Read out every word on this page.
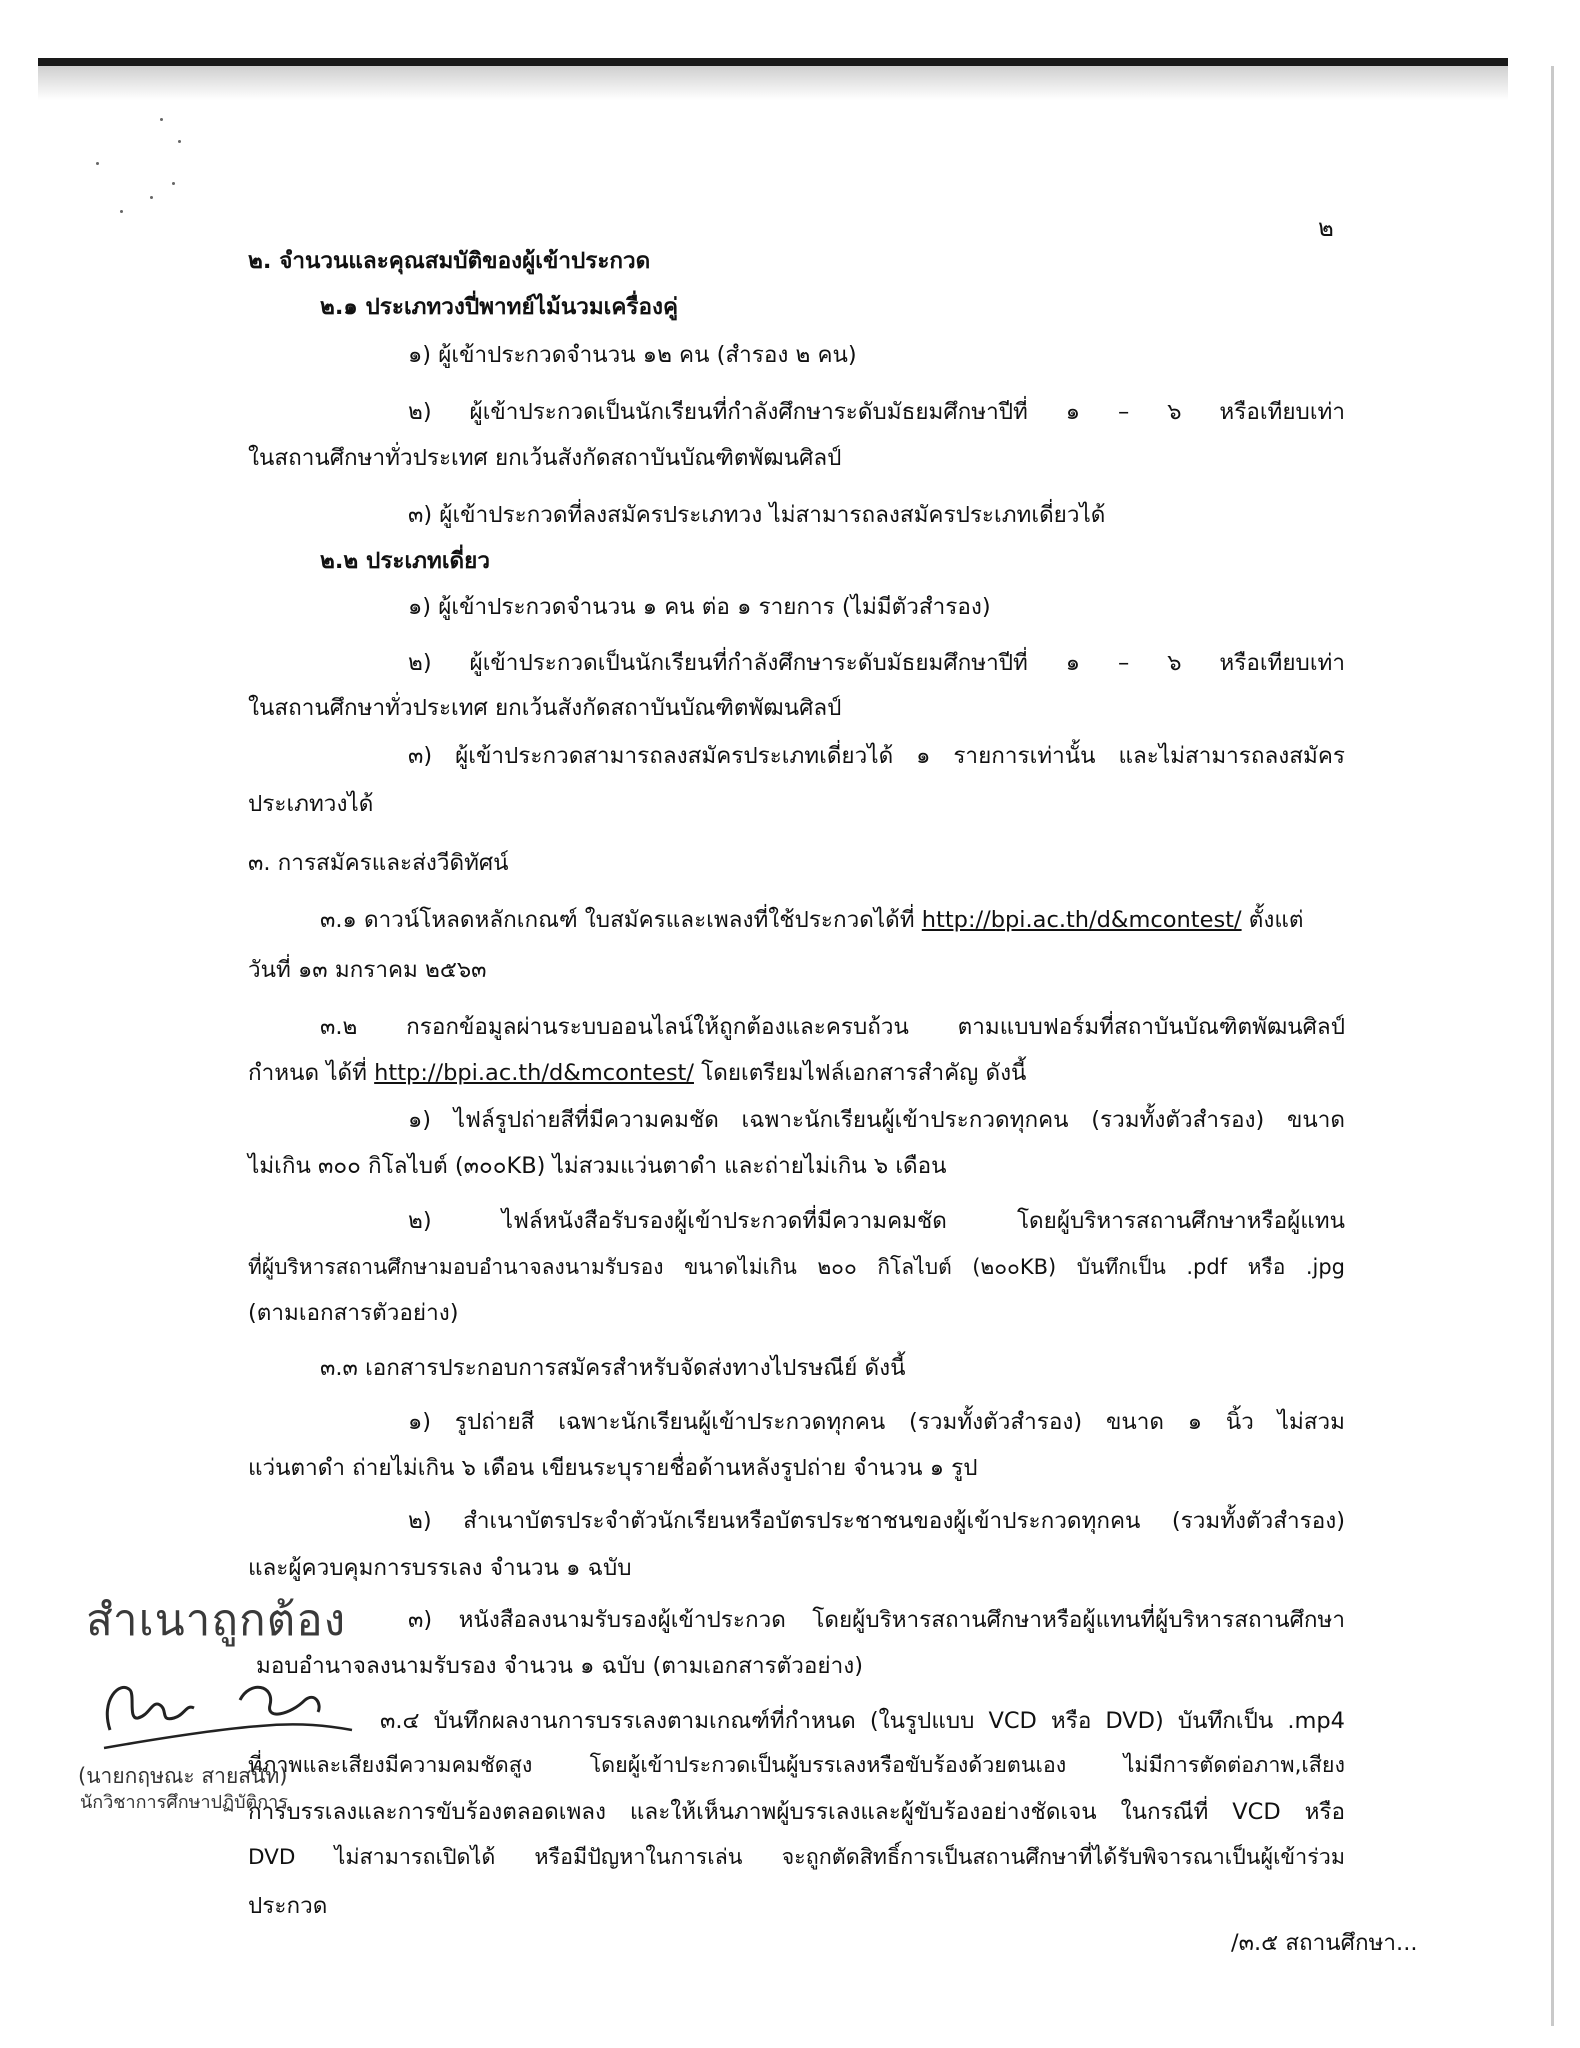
๒
๒. จำนวนและคุณสมบัติของผู้เข้าประกวด
๒.๑ ประเภทวงปี่พาทย์ไม้นวมเครื่องคู่
๑) ผู้เข้าประกวดจำนวน ๑๒ คน (สำรอง ๒ คน)
๒) ผู้เข้าประกวดเป็นนักเรียนที่กำลังศึกษาระดับมัธยมศึกษาปีที่ ๑ – ๖ หรือเทียบเท่า
ในสถานศึกษาทั่วประเทศ ยกเว้นสังกัดสถาบันบัณฑิตพัฒนศิลป์
๓) ผู้เข้าประกวดที่ลงสมัครประเภทวง ไม่สามารถลงสมัครประเภทเดี่ยวได้
๒.๒ ประเภทเดี่ยว
๑) ผู้เข้าประกวดจำนวน ๑ คน ต่อ ๑ รายการ (ไม่มีตัวสำรอง)
๒) ผู้เข้าประกวดเป็นนักเรียนที่กำลังศึกษาระดับมัธยมศึกษาปีที่ ๑ – ๖ หรือเทียบเท่า
ในสถานศึกษาทั่วประเทศ ยกเว้นสังกัดสถาบันบัณฑิตพัฒนศิลป์
๓) ผู้เข้าประกวดสามารถลงสมัครประเภทเดี่ยวได้ ๑ รายการเท่านั้น และไม่สามารถลงสมัคร
ประเภทวงได้
๓. การสมัครและส่งวีดิทัศน์
๓.๑ ดาวน์โหลดหลักเกณฑ์ ใบสมัครและเพลงที่ใช้ประกวดได้ที่ http://bpi.ac.th/d&mcontest/ ตั้งแต่
วันที่ ๑๓ มกราคม ๒๕๖๓
๓.๒ กรอกข้อมูลผ่านระบบออนไลน์ให้ถูกต้องและครบถ้วน ตามแบบฟอร์มที่สถาบันบัณฑิตพัฒนศิลป์
กำหนด ได้ที่ http://bpi.ac.th/d&mcontest/ โดยเตรียมไฟล์เอกสารสำคัญ ดังนี้
๑) ไฟล์รูปถ่ายสีที่มีความคมชัด เฉพาะนักเรียนผู้เข้าประกวดทุกคน (รวมทั้งตัวสำรอง) ขนาด
ไม่เกิน ๓๐๐ กิโลไบต์ (๓๐๐KB) ไม่สวมแว่นตาดำ และถ่ายไม่เกิน ๖ เดือน
๒) ไฟล์หนังสือรับรองผู้เข้าประกวดที่มีความคมชัด โดยผู้บริหารสถานศึกษาหรือผู้แทน
ที่ผู้บริหารสถานศึกษามอบอำนาจลงนามรับรอง ขนาดไม่เกิน ๒๐๐ กิโลไบต์ (๒๐๐KB) บันทึกเป็น .pdf หรือ .jpg
(ตามเอกสารตัวอย่าง)
๓.๓ เอกสารประกอบการสมัครสำหรับจัดส่งทางไปรษณีย์ ดังนี้
๑) รูปถ่ายสี เฉพาะนักเรียนผู้เข้าประกวดทุกคน (รวมทั้งตัวสำรอง) ขนาด ๑ นิ้ว ไม่สวม
แว่นตาดำ ถ่ายไม่เกิน ๖ เดือน เขียนระบุรายชื่อด้านหลังรูปถ่าย จำนวน ๑ รูป
๒) สำเนาบัตรประจำตัวนักเรียนหรือบัตรประชาชนของผู้เข้าประกวดทุกคน (รวมทั้งตัวสำรอง)
และผู้ควบคุมการบรรเลง จำนวน ๑ ฉบับ
๓) หนังสือลงนามรับรองผู้เข้าประกวด โดยผู้บริหารสถานศึกษาหรือผู้แทนที่ผู้บริหารสถานศึกษา
มอบอำนาจลงนามรับรอง จำนวน ๑ ฉบับ (ตามเอกสารตัวอย่าง)
๓.๔ บันทึกผลงานการบรรเลงตามเกณฑ์ที่กำหนด (ในรูปแบบ VCD หรือ DVD) บันทึกเป็น .mp4
ที่ภาพและเสียงมีความคมชัดสูง โดยผู้เข้าประกวดเป็นผู้บรรเลงหรือขับร้องด้วยตนเอง ไม่มีการตัดต่อภาพ,เสียง
การบรรเลงและการขับร้องตลอดเพลง และให้เห็นภาพผู้บรรเลงและผู้ขับร้องอย่างชัดเจน ในกรณีที่ VCD หรือ
DVD ไม่สามารถเปิดได้ หรือมีปัญหาในการเล่น จะถูกตัดสิทธิ์การเป็นสถานศึกษาที่ได้รับพิจารณาเป็นผู้เข้าร่วม
ประกวด
สำเนาถูกต้อง
(นายกฤษณะ สายสนิท)
นักวิชาการศึกษาปฏิบัติการ
/๓.๕ สถานศึกษา...
